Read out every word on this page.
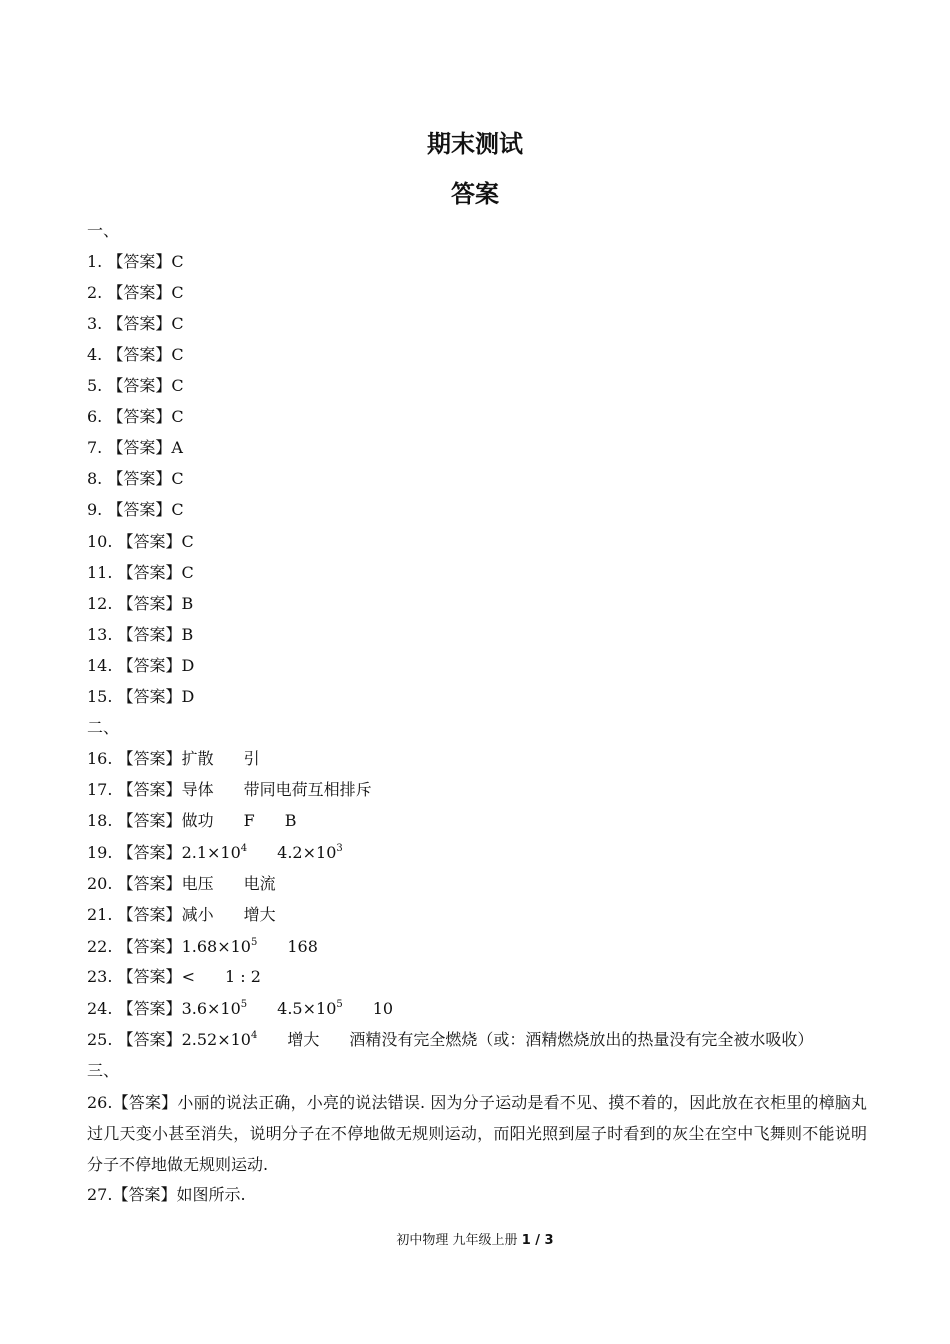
期末测试
答案
一、
1. 【答案】C
2. 【答案】C
3. 【答案】C
4. 【答案】C
5. 【答案】C
6. 【答案】C
7. 【答案】A
8. 【答案】C
9. 【答案】C
10. 【答案】C
11. 【答案】C
12. 【答案】B
13. 【答案】B
14. 【答案】D
15. 【答案】D
二、
16. 【答案】扩散 引
17. 【答案】导体 带同电荷互相排斥
18. 【答案】做功 F B
19. 【答案】$2.1\times 10^4$ $4.2\times 10^3$
20. 【答案】电压 电流
21. 【答案】减小 增大
22. 【答案】$1.68\times 10^5$ 168
23. 【答案】< 1 : 2
24. 【答案】$3.6\times 10^5$ $4.5\times 10^5$ 10
25. 【答案】$2.52\times 10^4$ 增大 酒精没有完全燃烧（或：酒精燃烧放出的热量没有完全被水吸收）
三、
26.【答案】小丽的说法正确，小亮的说法错误. 因为分子运动是看不见、摸不着的，因此放在衣柜里的樟脑丸过几天变小甚至消失，说明分子在不停地做无规则运动，而阳光照到屋子时看到的灰尘在空中飞舞则不能说明分子不停地做无规则运动.
27.【答案】如图所示.
初中物理 九年级上册 1 / 3
